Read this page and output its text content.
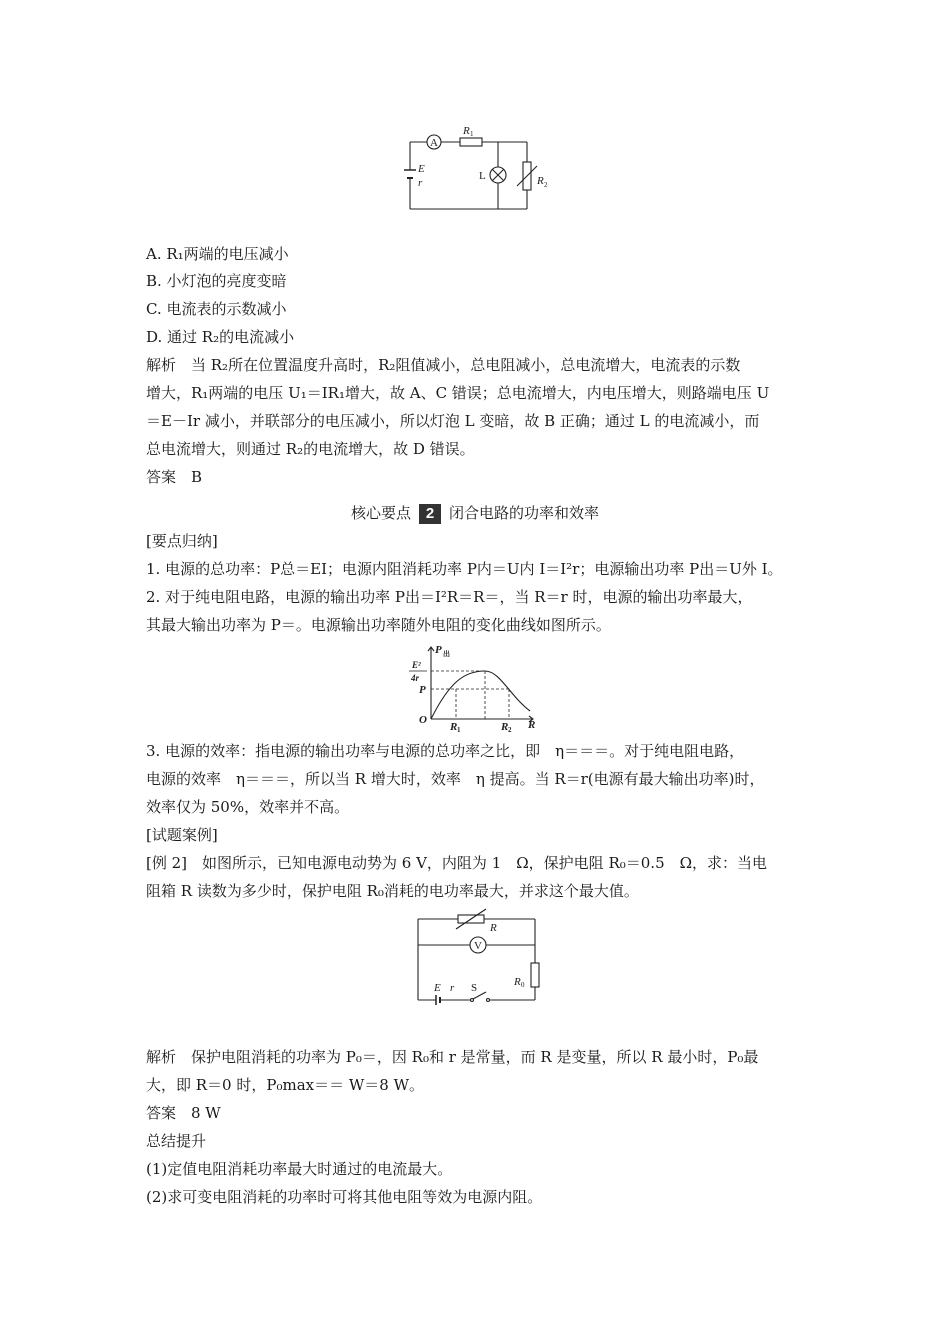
A
R 1
E
r
L	R 2
A. R₁两端的电压减小
B. 小灯泡的亮度变暗
C. 电流表的示数减小
D. 通过 R₂的电流减小
解析　当 R₂所在位置温度升高时，R₂阻值减小，总电阻减小，总电流增大，电流表的示数
增大，R₁两端的电压 U₁＝IR₁增大，故 A、C 错误；总电流增大，内电压增大，则路端电压 U
＝E－Ir 减小，并联部分的电压减小，所以灯泡 L 变暗，故 B 正确；通过 L 的电流减小，而
总电流增大，则通过 R₂的电流增大，故 D 错误。
答案　B
核心要点 2 闭合电路的功率和效率
[要点归纳]
1. 电源的总功率：P总＝EI；电源内阻消耗功率 P内＝U内 I＝I²r；电源输出功率 P出＝U外 I。
2. 对于纯电阻电路，电源的输出功率 P出＝I²R＝R＝，当 R＝r 时，电源的输出功率最大，
其最大输出功率为 P＝。电源输出功率随外电阻的变化曲线如图所示。
P 出
E²
4r
P
O
R 1	R 2 R
3. 电源的效率：指电源的输出功率与电源的总功率之比，即　η＝＝＝。对于纯电阻电路，
电源的效率　η＝＝＝，所以当 R 增大时，效率　η 提高。当 R＝r(电源有最大输出功率)时，
效率仅为 50%，效率并不高。
[试题案例]
[例 2]　如图所示，已知电源电动势为 6 V，内阻为 1　Ω，保护电阻 R₀＝0.5　Ω，求：当电
阻箱 R 读数为多少时，保护电阻 R₀消耗的电功率最大，并求这个最大值。
R
V
R 0
E r S
解析　保护电阻消耗的功率为 P₀＝，因 R₀和 r 是常量，而 R 是变量，所以 R 最小时，P₀最
大，即 R＝0 时，P₀max＝＝ W＝8 W。
答案　8 W
总结提升
(1)定值电阻消耗功率最大时通过的电流最大。
(2)求可变电阻消耗的功率时可将其他电阻等效为电源内阻。
